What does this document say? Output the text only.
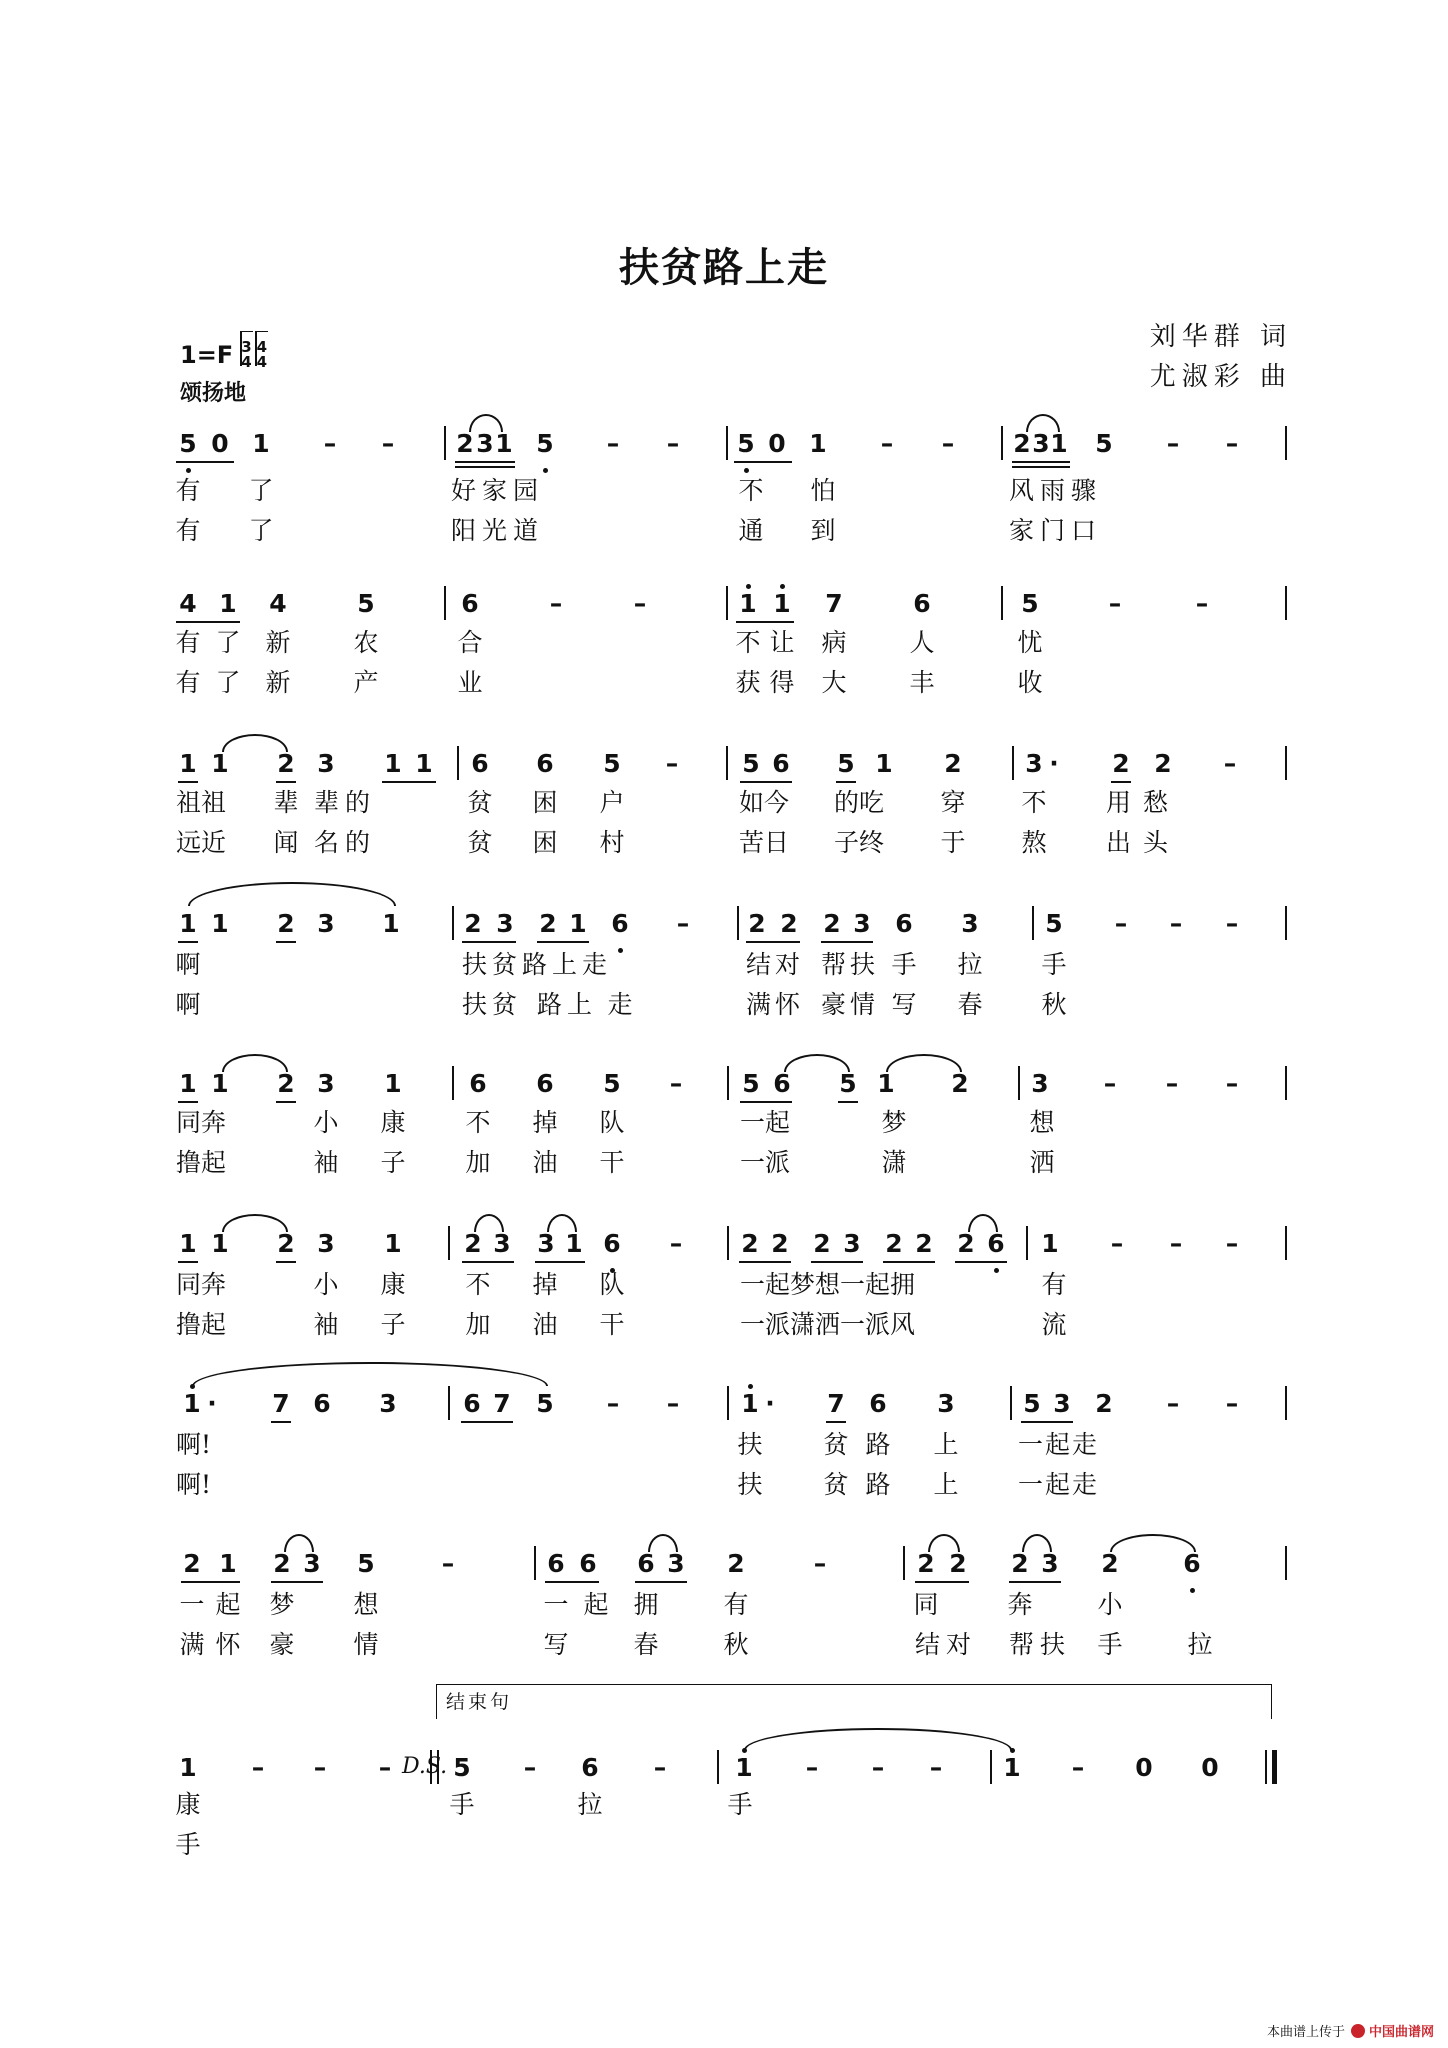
扶贫路上走
刘华群 词
尤淑彩 曲
1=F 3
4
4
4
颂扬地
5 0 1	–	–	2 3 1 5	–	–	5 0 1	–	–	2 3 1 5	–	–
有 了	好家园	不 怕	风雨骤
有 了	阳光道	通 到	家门口
4 1 4	5	6	–	–	1 1 7	6	5	–	–
有 了 新	农	合	不 让 病	人	忧
有 了 新	产	业	获 得 大	丰	收
1 1 2 3 1 1 6 6 5	–	5 6 5 1 2	3 · 2 2	–
祖祖 辈 辈的	贫 困 户	如今 的吃 穿 不 用愁
远近 闻 名的	贫 困 村	苦日 子终 于 熬 出头
1 1 2 3 1	2 3 2 1 6	–	2 2 2 3 6 3	5	–	–	–
啊	扶贫路上走	结对 帮扶 手 拉 手
啊	扶贫 路上 走	满怀 豪情 写 春 秋
1 1 2 3 1	6 6 5	–	5 6 5 1 2	3	–	–	–
同奔	小 康 不 掉 队	一起	梦	想
撸起	袖 子 加 油 干	一派	潇	洒
1 1 2 3 1	2 3 3 1 6	–	2 2 2 3 2 2 2 6 1	–	–	–
同奔	小 康 不 掉 队	一起梦想一起拥	有
撸起	袖 子 加 油 干	一派潇洒一派风	流
1 · 7 6 3	6 7 5	–	–	1 · 7 6 3	5 3 2	–	–
啊!	扶 贫 路 上 一起走
啊!	扶 贫 路 上 一起走
2 1 2 3 5	–	6 6 6 3 2	–	2 2 2 3 2	6
一 起 梦 想	一 起 拥	有	同	奔	小
满 怀 豪 情	写	春	秋	结对 帮扶 手	拉
结束句
1	–	–	–	5	–	6	–	1	–	–	–	1	–	0 0
D.S.
康	手	拉	手
手
本曲谱上传于 中国曲谱网
